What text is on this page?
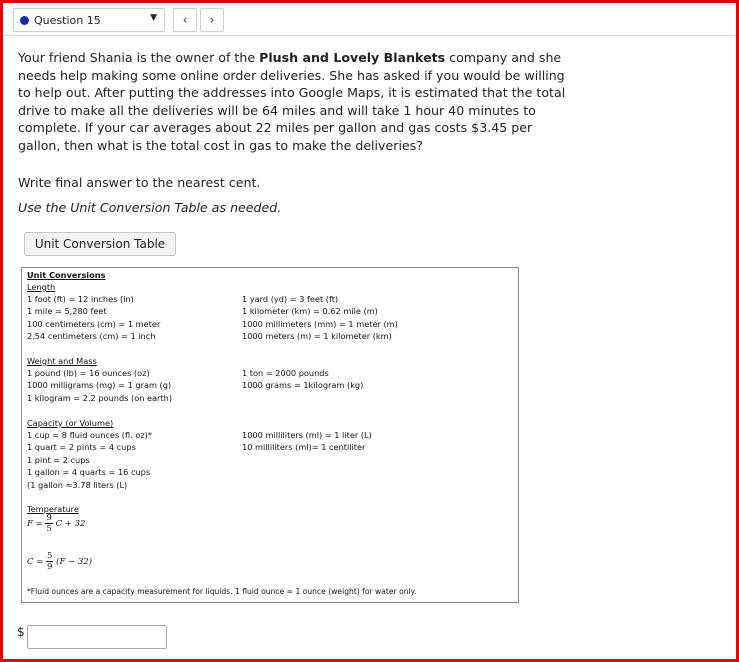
Question 15	▼ ‹ ›
Your friend Shania is the owner of the Plush and Lovely Blankets company and she needs help making some online order deliveries. She has asked if you would be willing to help out. After putting the addresses into Google Maps, it is estimated that the total drive to make all the deliveries will be 64 miles and will take 1 hour 40 minutes to complete. If your car averages about 22 miles per gallon and gas costs $3.45 per gallon, then what is the total cost in gas to make the deliveries?
Write final answer to the nearest cent.
Use the Unit Conversion Table as needed.
Unit Conversion Table
Unit Conversions
Length
1 foot (ft) = 12 inches (in)
1 mile = 5,280 feet
100 centimeters (cm) = 1 meter
2.54 centimeters (cm) = 1 inch
1 yard (yd) = 3 feet (ft)
1 kilometer (km) = 0.62 mile (m)
1000 millimeters (mm) = 1 meter (m)
1000 meters (m) = 1 kilometer (km)
Weight and Mass
1 pound (lb) = 16 ounces (oz)
1000 milligrams (mg) = 1 gram (g)
1 kilogram = 2.2 pounds (on earth)
1 ton = 2000 pounds
1000 grams = 1kilogram (kg)
Capacity (or Volume)
1 cup = 8 fluid ounces (fl. oz)*
1 quart = 2 pints = 4 cups
1 pint = 2 cups
1 gallon = 4 quarts = 16 cups
(1 gallon ≈3.78 liters (L)
1000 milliliters (ml) = 1 liter (L)
10 milliliters (ml)= 1 centiliter
Temperature
$F = \frac{9}{5}$ C + 32
$C = \frac{5}{9} (F - 32)$
*Fluid ounces are a capacity measurement for liquids. 1 fluid ounce ≈ 1 ounce (weight) for water only.
$
